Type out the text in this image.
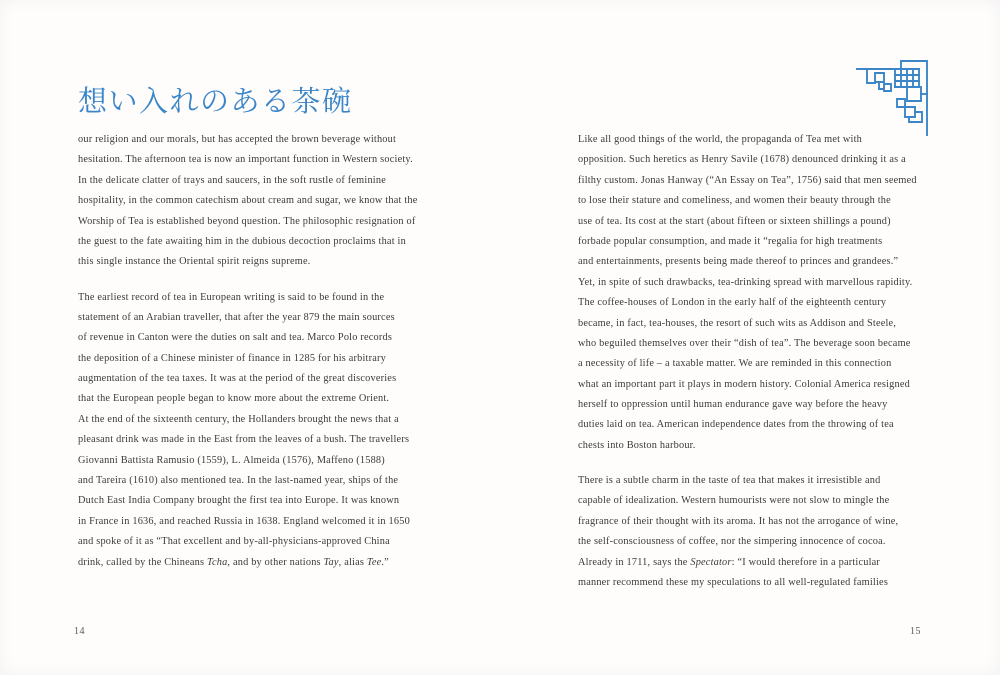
想い入れのある茶碗
our religion and our morals, but has accepted the brown beverage without
hesitation. The afternoon tea is now an important function in Western society.
In the delicate clatter of trays and saucers, in the soft rustle of feminine
hospitality, in the common catechism about cream and sugar, we know that the
Worship of Tea is established beyond question. The philosophic resignation of
the guest to the fate awaiting him in the dubious decoction proclaims that in
this single instance the Oriental spirit reigns supreme.
The earliest record of tea in European writing is said to be found in the
statement of an Arabian traveller, that after the year 879 the main sources
of revenue in Canton were the duties on salt and tea. Marco Polo records
the deposition of a Chinese minister of finance in 1285 for his arbitrary
augmentation of the tea taxes. It was at the period of the great discoveries
that the European people began to know more about the extreme Orient.
At the end of the sixteenth century, the Hollanders brought the news that a
pleasant drink was made in the East from the leaves of a bush. The travellers
Giovanni Battista Ramusio (1559), L. Almeida (1576), Maffeno (1588)
and Tareira (1610) also mentioned tea. In the last-named year, ships of the
Dutch East India Company brought the first tea into Europe. It was known
in France in 1636, and reached Russia in 1638. England welcomed it in 1650
and spoke of it as “That excellent and by-all-physicians-approved China
drink, called by the Chineans Tcha, and by other nations Tay, alias Tee.”
Like all good things of the world, the propaganda of Tea met with
opposition. Such heretics as Henry Savile (1678) denounced drinking it as a
filthy custom. Jonas Hanway (“An Essay on Tea”, 1756) said that men seemed
to lose their stature and comeliness, and women their beauty through the
use of tea. Its cost at the start (about fifteen or sixteen shillings a pound)
forbade popular consumption, and made it “regalia for high treatments
and entertainments, presents being made thereof to princes and grandees.”
Yet, in spite of such drawbacks, tea-drinking spread with marvellous rapidity.
The coffee-houses of London in the early half of the eighteenth century
became, in fact, tea-houses, the resort of such wits as Addison and Steele,
who beguiled themselves over their “dish of tea”. The beverage soon became
a necessity of life – a taxable matter. We are reminded in this connection
what an important part it plays in modern history. Colonial America resigned
herself to oppression until human endurance gave way before the heavy
duties laid on tea. American independence dates from the throwing of tea
chests into Boston harbour.
There is a subtle charm in the taste of tea that makes it irresistible and
capable of idealization. Western humourists were not slow to mingle the
fragrance of their thought with its aroma. It has not the arrogance of wine,
the self-consciousness of coffee, nor the simpering innocence of cocoa.
Already in 1711, says the Spectator: “I would therefore in a particular
manner recommend these my speculations to all well-regulated families
14	15
